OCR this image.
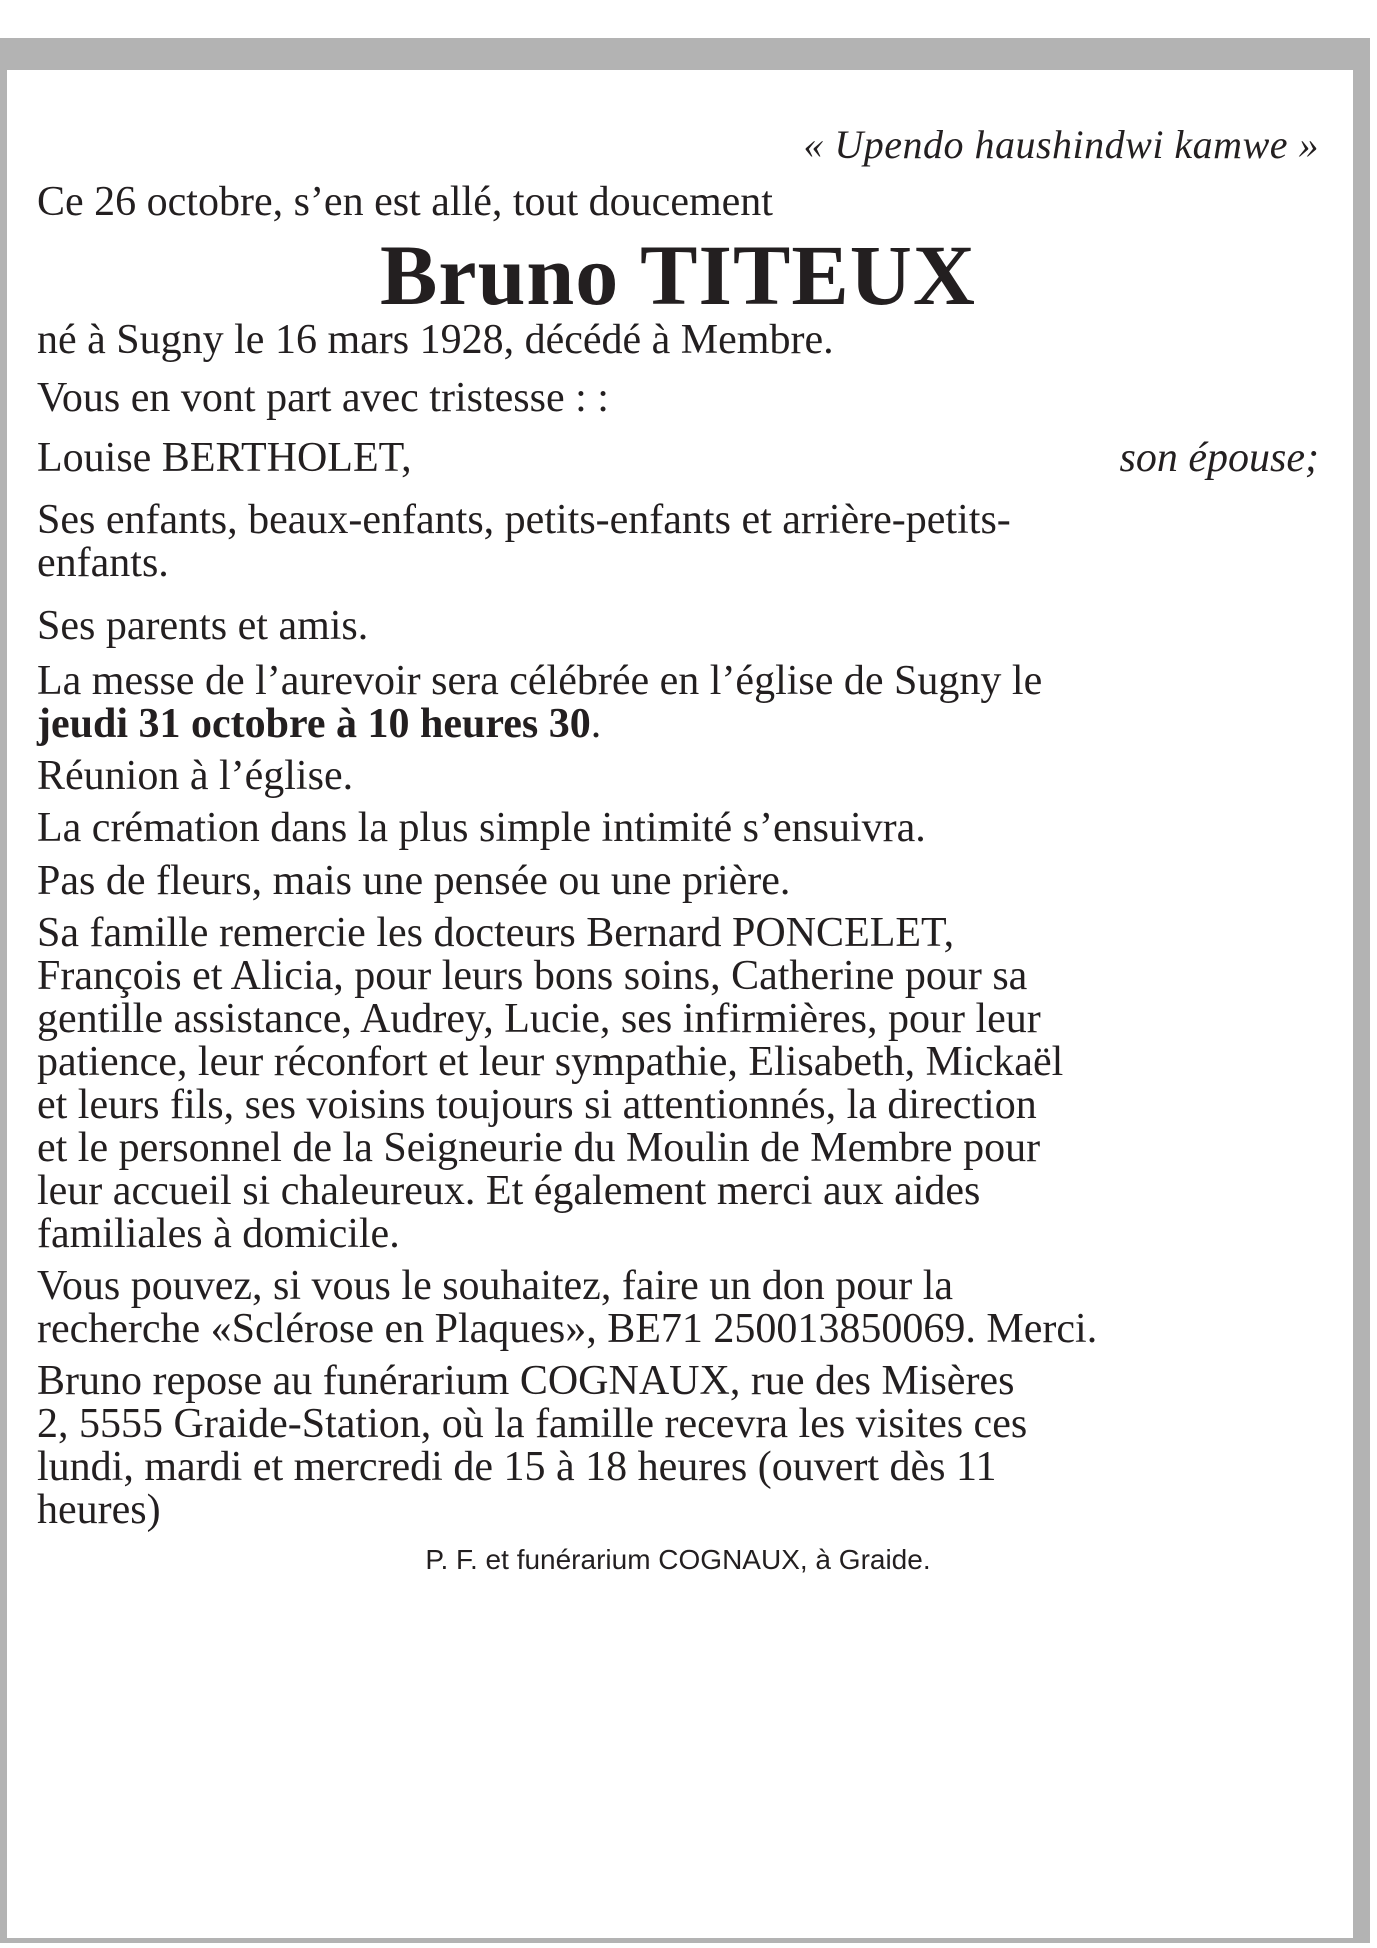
« Upendo haushindwi kamwe »
Ce 26 octobre, s’en est allé, tout doucement
Bruno TITEUX
né à Sugny le 16 mars 1928, décédé à Membre.
Vous en vont part avec tristesse : :
Louise BERTHOLET,	son épouse;
Ses enfants, beaux-enfants, petits-enfants et arrière-petits-
enfants.
Ses parents et amis.
La messe de l’aurevoir sera célébrée en l’église de Sugny le
jeudi 31 octobre à 10 heures 30.
Réunion à l’église.
La crémation dans la plus simple intimité s’ensuivra.
Pas de fleurs, mais une pensée ou une prière.
Sa famille remercie les docteurs Bernard PONCELET,
François et Alicia, pour leurs bons soins, Catherine pour sa
gentille assistance, Audrey, Lucie, ses infirmières, pour leur
patience, leur réconfort et leur sympathie, Elisabeth, Mickaël
et leurs fils, ses voisins toujours si attentionnés, la direction
et le personnel de la Seigneurie du Moulin de Membre pour
leur accueil si chaleureux. Et également merci aux aides
familiales à domicile.
Vous pouvez, si vous le souhaitez, faire un don pour la
recherche «Sclérose en Plaques», BE71 250013850069. Merci.
Bruno repose au funérarium COGNAUX, rue des Misères
2, 5555 Graide-Station, où la famille recevra les visites ces
lundi, mardi et mercredi de 15 à 18 heures (ouvert dès 11
heures)
P. F. et funérarium COGNAUX, à Graide.
